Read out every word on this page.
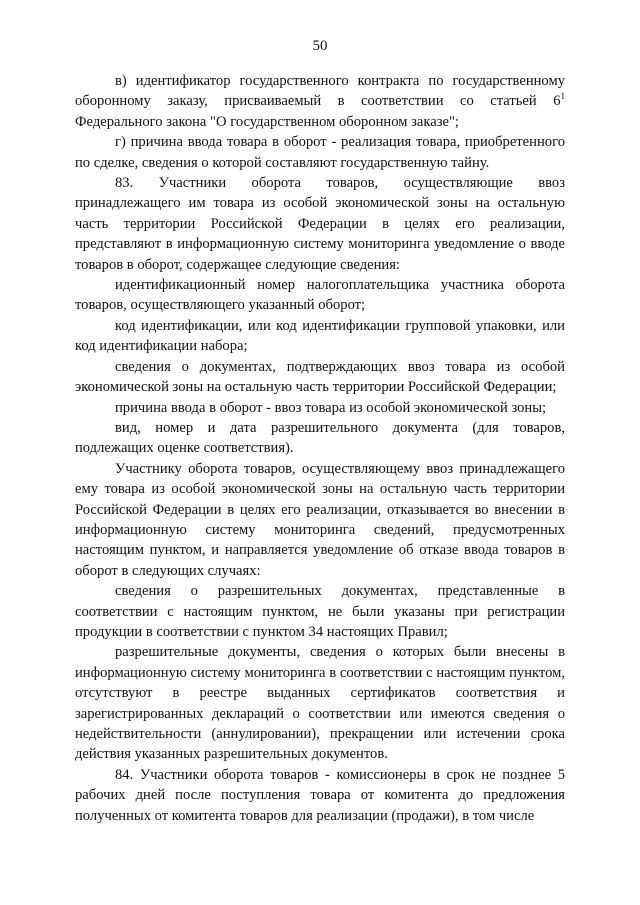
50

в) идентификатор государственного контракта по государственному оборонному заказу, присваиваемый в соответствии со статьей $6^1$ Федерального закона "О государственном оборонном заказе";

г) причина ввода товара в оборот - реализация товара, приобретенного по сделке, сведения о которой составляют государственную тайну.

83. Участники оборота товаров, осуществляющие ввоз принадлежащего им товара из особой экономической зоны на остальную часть территории Российской Федерации в целях его реализации, представляют в информационную систему мониторинга уведомление о вводе товаров в оборот, содержащее следующие сведения:

идентификационный номер налогоплательщика участника оборота товаров, осуществляющего указанный оборот;

код идентификации, или код идентификации групповой упаковки, или код идентификации набора;

сведения о документах, подтверждающих ввоз товара из особой экономической зоны на остальную часть территории Российской Федерации;

причина ввода в оборот - ввоз товара из особой экономической зоны;

вид, номер и дата разрешительного документа (для товаров, подлежащих оценке соответствия).

Участнику оборота товаров, осуществляющему ввоз принадлежащего ему товара из особой экономической зоны на остальную часть территории Российской Федерации в целях его реализации, отказывается во внесении в информационную систему мониторинга сведений, предусмотренных настоящим пунктом, и направляется уведомление об отказе ввода товаров в оборот в следующих случаях:

сведения о разрешительных документах, представленные в соответствии с настоящим пунктом, не были указаны при регистрации продукции в соответствии с пунктом 34 настоящих Правил;

разрешительные документы, сведения о которых были внесены в информационную систему мониторинга в соответствии с настоящим пунктом, отсутствуют в реестре выданных сертификатов соответствия и зарегистрированных деклараций о соответствии или имеются сведения о недействительности (аннулировании), прекращении или истечении срока действия указанных разрешительных документов.

84. Участники оборота товаров - комиссионеры в срок не позднее 5 рабочих дней после поступления товара от комитента до предложения полученных от комитента товаров для реализации (продажи), в том числе
